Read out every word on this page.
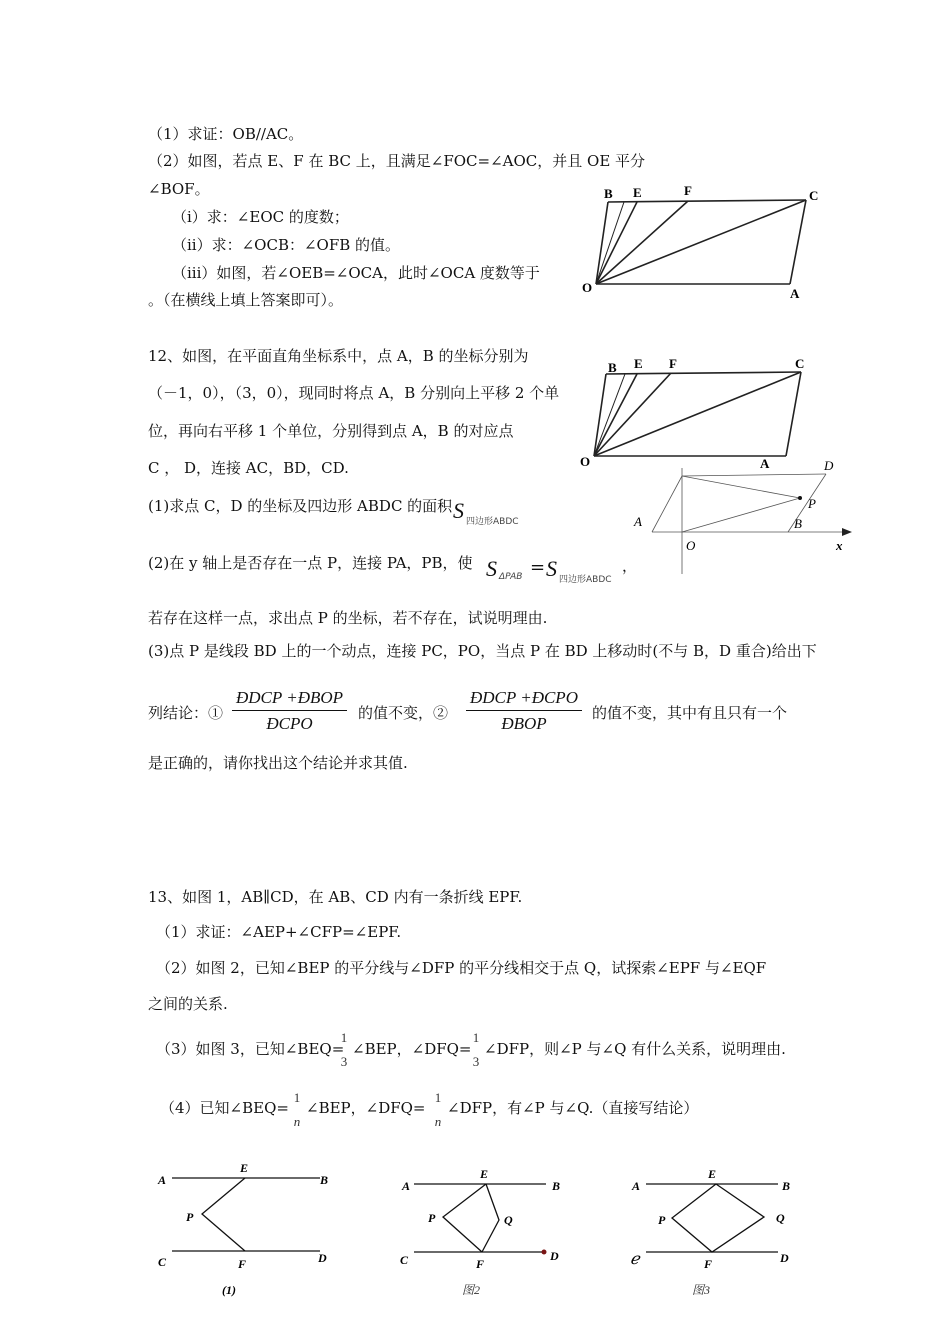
（1）求证：OB//AC。
（2）如图，若点 E、F 在 BC 上，且满足∠FOC=∠AOC，并且 OE 平分
∠BOF。
（i）求：∠EOC 的度数；
（ii）求：∠OCB：∠OFB 的值。
（iii）如图，若∠OEB=∠OCA，此时∠OCA 度数等于
。（在横线上填上答案即可）。
B E	F	C
O	A
12、如图，在平面直角坐标系中，点 A，B 的坐标分别为
（－1，0），（3，0），现同时将点 A，B 分别向上平移 2 个单
位，再向右平移 1 个单位，分别得到点 A，B 的对应点
C ， D，连接 AC，BD，CD.
(1)求点 C，D 的坐标及四边形 ABDC 的面积 S 四边形ABDC
(2)在 y 轴上是否存在一点 P，连接 PA，PB，使 S ΔPAB = S 四边形ABDC
，
若存在这样一点，求出点 P 的坐标，若不存在，试说明理由.
(3)点 P 是线段 BD 上的一个动点，连接 PC，PO，当点 P 在 BD 上移动时(不与 B，D 重合)给出下
列结论：①
ÐDCP +ÐBOP
ÐCPO
的值不变，②
ÐDCP +ÐCPO
ÐBOP
的值不变，其中有且只有一个
是正确的，请你找出这个结论并求其值.
B E F	C
O	A	D
P
A	B
O	x
13、如图 1，AB∥CD，在 AB、CD 内有一条折线 EPF.
（1）求证：∠AEP+∠CFP=∠EPF.
（2）如图 2，已知∠BEP 的平分线与∠DFP 的平分线相交于点 Q，试探索∠EPF 与∠EQF
之间的关系.
（3）如图 3，已知∠BEQ=
1
3
∠BEP，∠DFQ=
1
3
∠DFP，则∠P 与∠Q 有什么关系，说明理由.
（4）已知∠BEQ=
1
n
∠BEP，∠DFQ=
1
n
∠DFP，有∠P 与∠Q.（直接写结论）
A
E
B
P
C	F	D
(1)
A
E
B
P	Q
C	F
D
图2
A
E
B
P	Q
ℯ	F	D
图3
